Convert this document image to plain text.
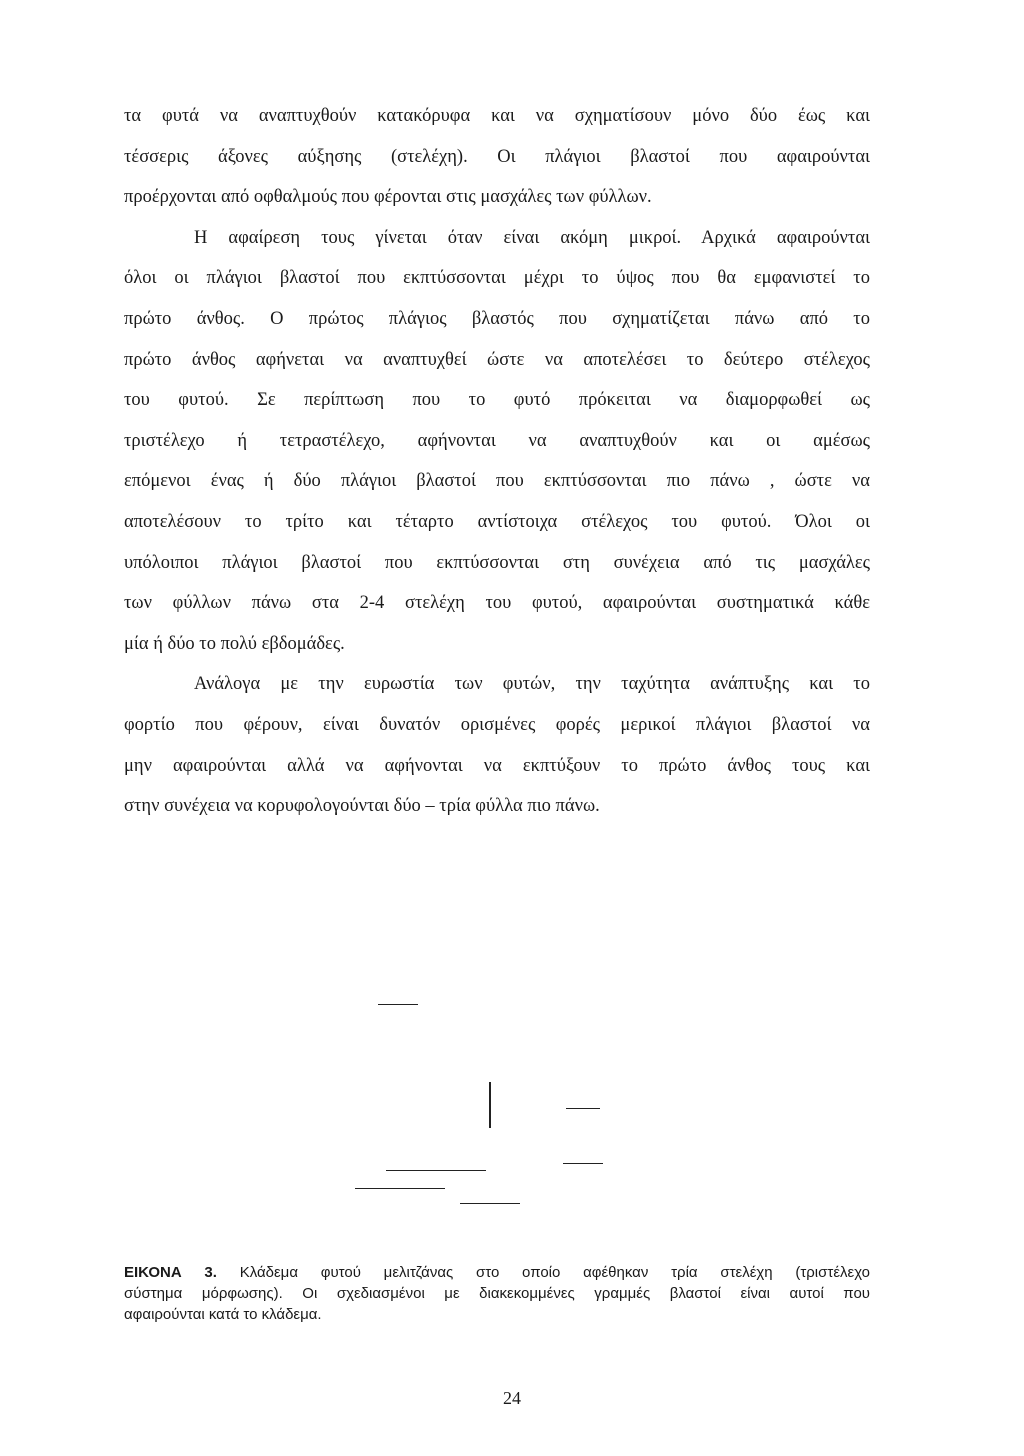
τα φυτά να αναπτυχθούν κατακόρυφα και να σχηματίσουν μόνο δύο έως και
τέσσερις άξονες αύξησης (στελέχη). Οι πλάγιοι βλαστοί που αφαιρούνται
προέρχονται από οφθαλμούς που φέρονται στις μασχάλες των φύλλων.
Η αφαίρεση τους γίνεται όταν είναι ακόμη μικροί. Αρχικά αφαιρούνται
όλοι οι πλάγιοι βλαστοί που εκπτύσσονται μέχρι το ύψος που θα εμφανιστεί το
πρώτο άνθος. Ο πρώτος πλάγιος βλαστός που σχηματίζεται πάνω από το
πρώτο άνθος αφήνεται να αναπτυχθεί ώστε να αποτελέσει το δεύτερο στέλεχος
του φυτού. Σε περίπτωση που το φυτό πρόκειται να διαμορφωθεί ως
τριστέλεχο ή τετραστέλεχο, αφήνονται να αναπτυχθούν και οι αμέσως
επόμενοι ένας ή δύο πλάγιοι βλαστοί που εκπτύσσονται πιο πάνω , ώστε να
αποτελέσουν το τρίτο και τέταρτο αντίστοιχα στέλεχος του φυτού. Όλοι οι
υπόλοιποι πλάγιοι βλαστοί που εκπτύσσονται στη συνέχεια από τις μασχάλες
των φύλλων πάνω στα 2-4 στελέχη του φυτού, αφαιρούνται συστηματικά κάθε
μία ή δύο το πολύ εβδομάδες.
Ανάλογα με την ευρωστία των φυτών, την ταχύτητα ανάπτυξης και το
φορτίο που φέρουν, είναι δυνατόν ορισμένες φορές μερικοί πλάγιοι βλαστοί να
μην αφαιρούνται αλλά να αφήνονται να εκπτύξουν το πρώτο άνθος τους και
στην συνέχεια να κορυφολογούνται δύο – τρία φύλλα πιο πάνω.
ΕΙΚΟΝΑ 3. Κλάδεμα φυτού μελιτζάνας στο οποίο αφέθηκαν τρία στελέχη (τριστέλεχο
σύστημα μόρφωσης). Οι σχεδιασμένοι με διακεκομμένες γραμμές βλαστοί είναι αυτοί που
αφαιρούνται κατά το κλάδεμα.
24
